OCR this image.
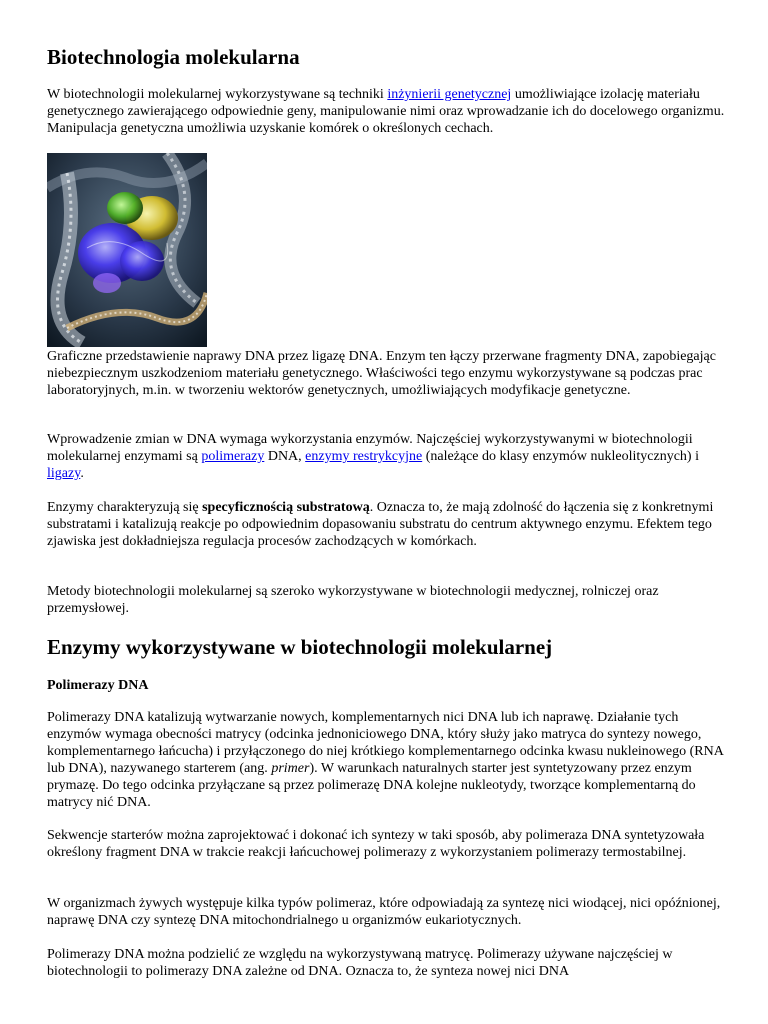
Biotechnologia molekularna

W biotechnologii molekularnej wykorzystywane są techniki inżynierii genetycznej umożliwiające izolację materiału genetycznego zawierającego odpowiednie geny, manipulowanie nimi oraz wprowadzanie ich do docelowego organizmu. Manipulacja genetyczna umożliwia uzyskanie komórek o określonych cechach.

Graficzne przedstawienie naprawy DNA przez ligazę DNA. Enzym ten łączy przerwane fragmenty DNA, zapobiegając niebezpiecznym uszkodzeniom materiału genetycznego. Właściwości tego enzymu wykorzystywane są podczas prac laboratoryjnych, m.in. w tworzeniu wektorów genetycznych, umożliwiających modyfikacje genetyczne.

Wprowadzenie zmian w DNA wymaga wykorzystania enzymów. Najczęściej wykorzystywanymi w biotechnologii molekularnej enzymami są polimerazy DNA, enzymy restrykcyjne (należące do klasy enzymów nukleolitycznych) i ligazy.

Enzymy charakteryzują się specyficznością substratową. Oznacza to, że mają zdolność do łączenia się z konkretnymi substratami i katalizują reakcje po odpowiednim dopasowaniu substratu do centrum aktywnego enzymu. Efektem tego zjawiska jest dokładniejsza regulacja procesów zachodzących w komórkach.

Metody biotechnologii molekularnej są szeroko wykorzystywane w biotechnologii medycznej, rolniczej oraz przemysłowej.

Enzymy wykorzystywane w biotechnologii molekularnej
Polimerazy DNA

Polimerazy DNA katalizują wytwarzanie nowych, komplementarnych nici DNA lub ich naprawę. Działanie tych enzymów wymaga obecności matrycy (odcinka jednoniciowego DNA, który służy jako matryca do syntezy nowego, komplementarnego łańcucha) i przyłączonego do niej krótkiego komplementarnego odcinka kwasu nukleinowego (RNA lub DNA), nazywanego starterem (ang. primer). W warunkach naturalnych starter jest syntetyzowany przez enzym prymazę. Do tego odcinka przyłączane są przez polimerazę DNA kolejne nukleotydy, tworzące komplementarną do matrycy nić DNA.

Sekwencje starterów można zaprojektować i dokonać ich syntezy w taki sposób, aby polimeraza DNA syntetyzowała określony fragment DNA w trakcie reakcji łańcuchowej polimerazy z wykorzystaniem polimerazy termostabilnej.

W organizmach żywych występuje kilka typów polimeraz, które odpowiadają za syntezę nici wiodącej, nici opóźnionej, naprawę DNA czy syntezę DNA mitochondrialnego u organizmów eukariotycznych.

Polimerazy DNA można podzielić ze względu na wykorzystywaną matrycę. Polimerazy używane najczęściej w biotechnologii to polimerazy DNA zależne od DNA. Oznacza to, że synteza nowej nici DNA
